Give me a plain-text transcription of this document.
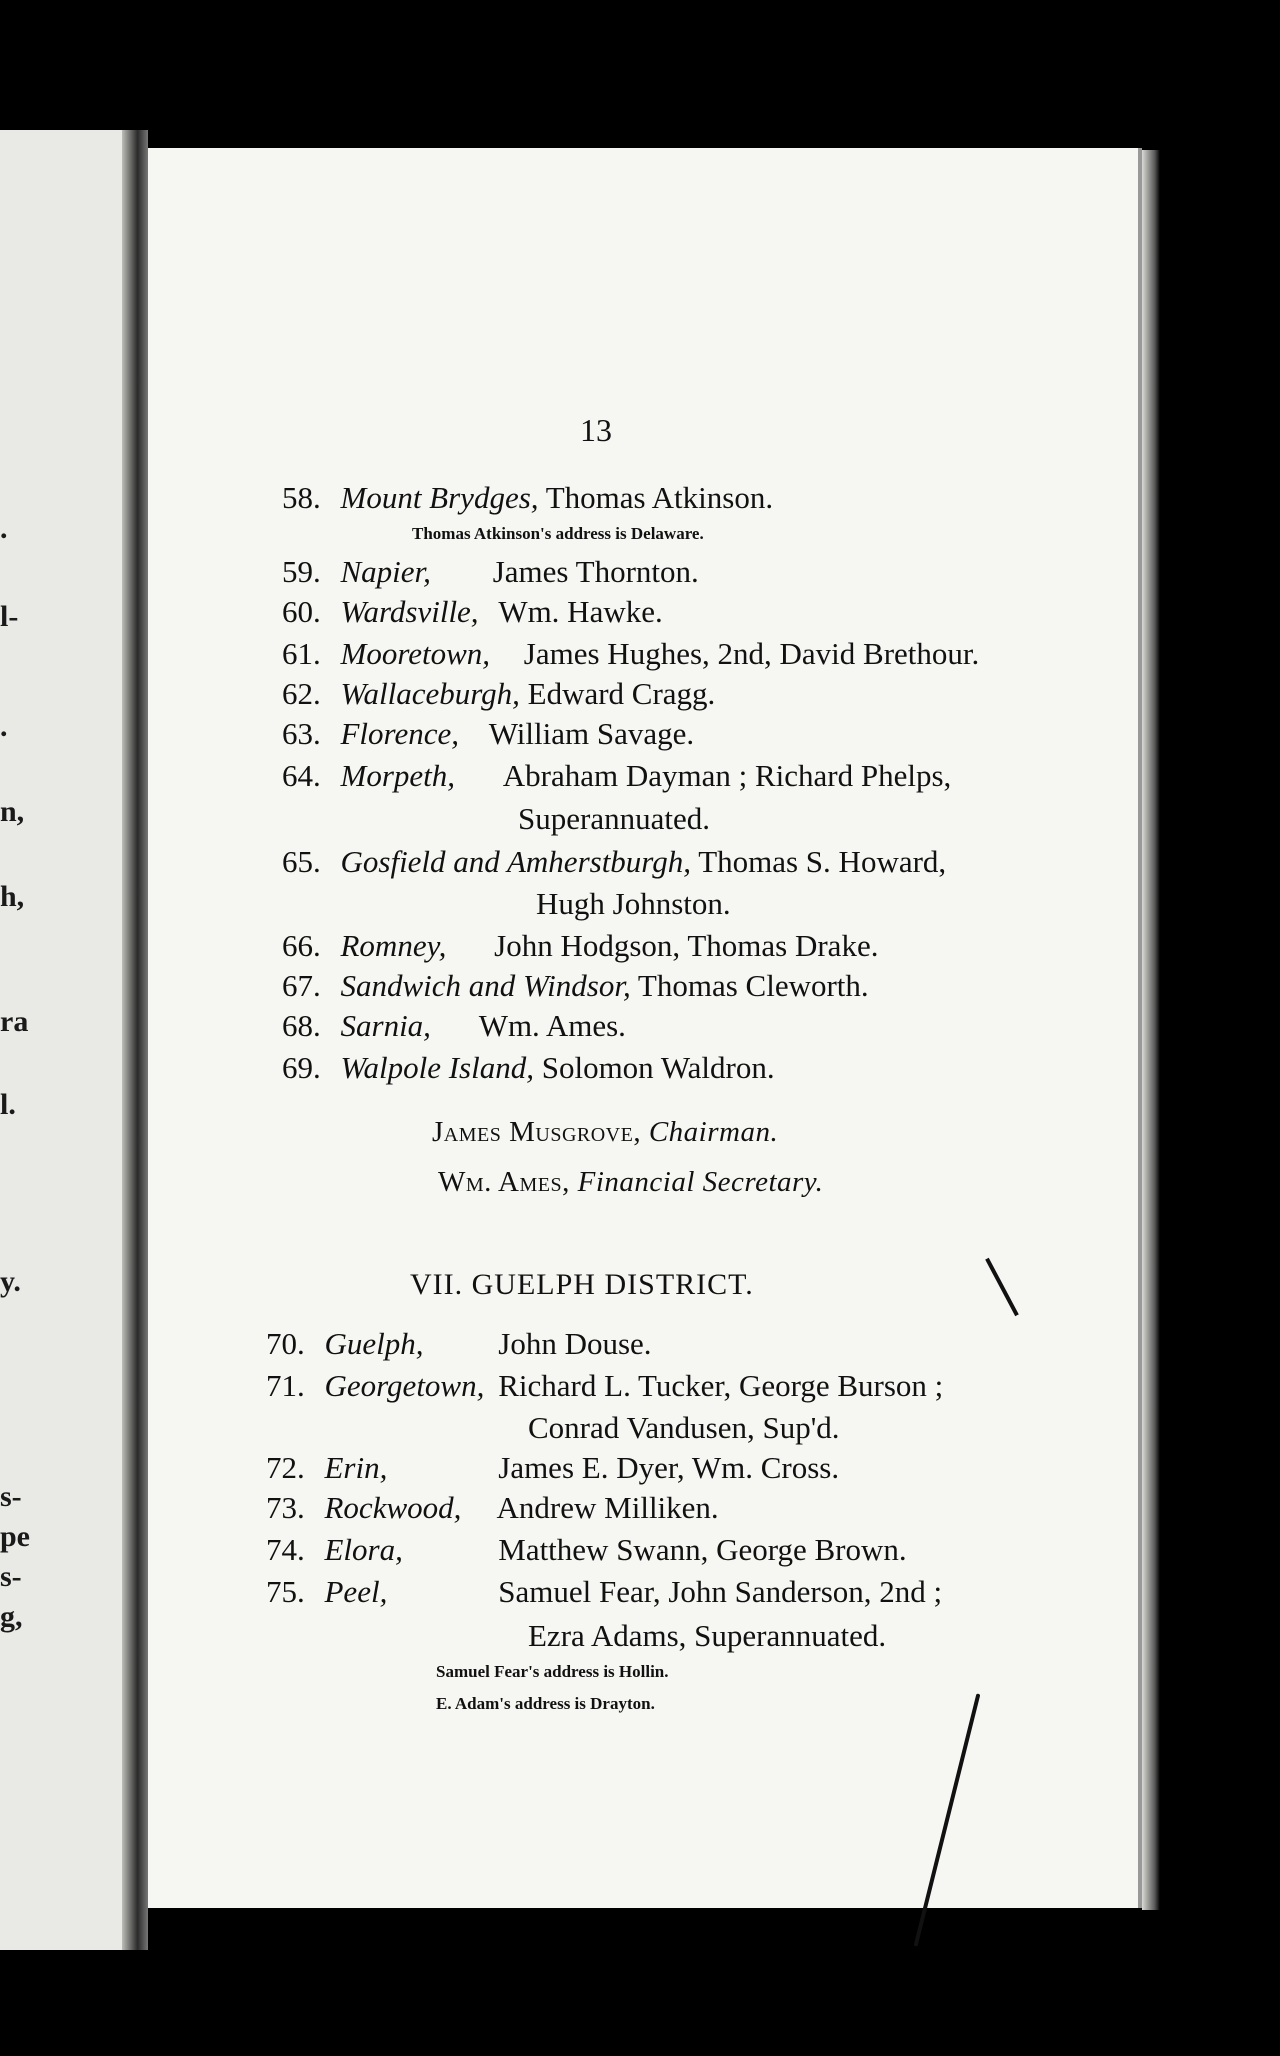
.
l-
.
n,
h,
ra
l.
y.
s-
pe
s-
g,
13
58. Mount Brydges, Thomas Atkinson.
Thomas Atkinson's address is Delaware.
59. Napier, James Thornton.
60. Wardsville, Wm. Hawke.
61. Mooretown, James Hughes, 2nd, David Brethour.
62. Wallaceburgh, Edward Cragg.
63. Florence, William Savage.
64. Morpeth, Abraham Dayman ; Richard Phelps,
Superannuated.
65. Gosfield and Amherstburgh, Thomas S. Howard,
Hugh Johnston.
66. Romney, John Hodgson, Thomas Drake.
67. Sandwich and Windsor, Thomas Cleworth.
68. Sarnia, Wm. Ames.
69. Walpole Island, Solomon Waldron.
James Musgrove, Chairman.
Wm. Ames, Financial Secretary.
VII. GUELPH DISTRICT.
70. Guelph, John Douse.
71. Georgetown, Richard L. Tucker, George Burson ;
Conrad Vandusen, Sup'd.
72. Erin,	James E. Dyer, Wm. Cross.
73. Rockwood, Andrew Milliken.
74. Elora,	Matthew Swann, George Brown.
75. Peel,	Samuel Fear, John Sanderson, 2nd ;
Ezra Adams, Superannuated.
Samuel Fear's address is Hollin.
E. Adam's address is Drayton.
